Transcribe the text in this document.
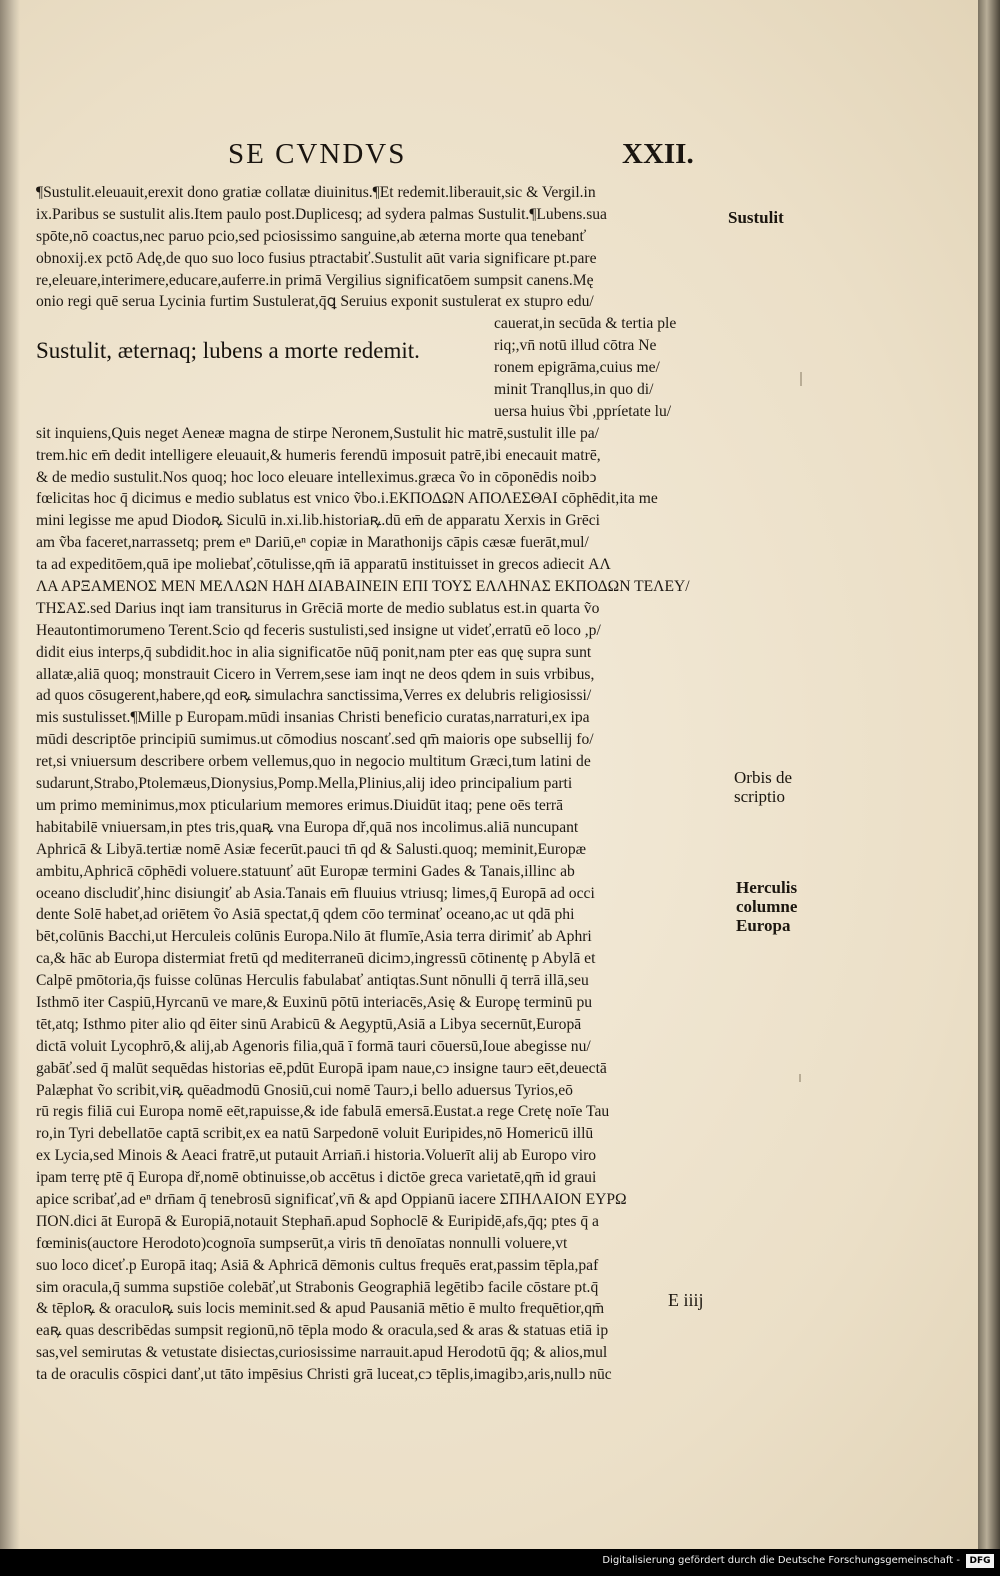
SE CVNDVS	XXII.
¶Sustulit.eleuauit,erexit dono gratiæ collatæ diuinitus.¶Et redemit.liberauit,sic & Vergil.in
ix.Paribus se sustulit alis.Item paulo post.Duplicesq; ad sydera palmas Sustulit.¶Lubens.sua
spōte,nō coactus,nec paruo pcio,sed pciosissimo sanguine,ab æterna morte qua tenebanť
obnoxij.ex pctō Adę,de quo suo loco fusius ptractabiť.Sustulit aūt varia significare pt.pare
re,eleuare,interimere,educare,auferre.in primā Vergilius significatōem sumpsit canens.Mę
onio regi quē serua Lycinia furtim Sustulerat,q̄ꝗ Seruius exponit sustulerat ex stupro edu/
cauerat,in secūda & tertia ple
riq;,vn̄ notū illud cōtra Ne
ronem epigrāma,cuius me/
minit Tranqllus,in quo di/
uersa huius ṽbi ,ppríetate lu/
sit inquiens,Quis neget Aeneæ magna de stirpe Neronem,Sustulit hic matrē,sustulit ille pa/
trem.hic em̄ dedit intelligere eleuauit,& humeris ferendū imposuit patrē,ibi enecauit matrē,
& de medio sustulit.Nos quoq; hoc loco eleuare intelleximus.græca ṽo in cōponēdis noibͻ
fœlicitas hoc q̄ dicimus e medio sublatus est vnico ṽbo.i.ΕΚΠΟΔΩΝ ΑΠΟΛΕΣΘΑΙ cōphēdit,ita me
mini legisse me apud Diodoꝶ Siculū in.xi.lib.historiaꝶ.dū em̄ de apparatu Xerxis in Grēci
am ṽba faceret,narrassetq; prem eⁿ Dariū,eⁿ copiæ in Marathonijs cāpis cæsæ fuerāt,mul/
ta ad expeditōem,quā ipe moliebať,cōtulisse,qm̄ iā apparatū instituisset in grecos adiecit ΑΛ
ΛΑ ΑΡΞΑΜΕΝΟΣ ΜΕΝ ΜΕΛΛΩΝ ΗΔΗ ΔΙΑΒΑΙΝΕΙΝ ΕΠΙ ΤΟΥΣ ΕΛΛΗΝΑΣ ΕΚΠΟΔΩΝ ΤΕΛΕΥ/
ΤΗΣΑΣ.sed Darius inqt iam transiturus in Grēciā morte de medio sublatus est.in quarta ṽo
Heautontimorumeno Terent.Scio qd feceris sustulisti,sed insigne ut videť,erratū eō loco ,p/
didit eius interps,q̄ subdidit.hoc in alia significatōe nūq̄ ponit,nam pter eas quę supra sunt
allatæ,aliā quoq; monstrauit Cicero in Verrem,sese iam inqt ne deos qdem in suis vrbibus,
ad quos cōsugerent,habere,qd eoꝶ simulachra sanctissima,Verres ex delubris religiosissi/
mis sustulisset.¶Mille p Europam.mūdi insanias Christi beneficio curatas,narraturi,ex ipa
mūdi descriptōe principiū sumimus.ut cōmodius noscanť.sed qm̄ maioris ope subsellij fo/
ret,si vniuersum describere orbem vellemus,quo in negocio multitum Græci,tum latini de
sudarunt,Strabo,Ptolemæus,Dionysius,Pomp.Mella,Plinius,alij ideo principalium parti
um primo meminimus,mox pticularium memores erimus.Diuidūt itaq; pene oēs terrā
habitabilē vniuersam,in ptes tris,quaꝶ vna Europa dř,quā nos incolimus.aliā nuncupant
Aphricā & Libyā.tertiæ nomē Asiæ fecerūt.pauci tn̄ qd & Salusti.quoq; meminit,Europæ
ambitu,Aphricā cōphēdi voluere.statuunť aūt Europæ termini Gades & Tanais,illinc ab
oceano discludiť,hinc disiungiť ab Asia.Tanais em̄ fluuius vtriusq; limes,q̄ Europā ad occi
dente Solē habet,ad oriētem ṽo Asiā spectat,q̄ qdem cōo terminať oceano,ac ut qdā phi
bēt,colūnis Bacchi,ut Herculeis colūnis Europa.Nilo āt flumīe,Asia terra dirimiť ab Aphri
ca,& hāc ab Europa distermiat fretū qd mediterraneū dicimͻ,ingressū cōtinentę p Abylā et
Calpē pmōtoria,q̄s fuisse colūnas Herculis fabulabať antiqtas.Sunt nōnulli q̄ terrā illā,seu
Isthmō iter Caspiū,Hyrcanū ve mare,& Euxinū pōtū interiacēs,Asię & Europę terminū pu
tēt,atq; Isthmo piter alio qd ēiter sinū Arabicū & Aegyptū,Asiā a Libya secernūt,Europā
dictā voluit Lycophrō,& alij,ab Agenoris filia,quā ī formā tauri cōuersū,Ioue abegisse nu/
gabāť.sed q̄ malūt sequēdas historias eē,pdūt Europā ipam naue,cͻ insigne taurͻ eēt,deuectā
Palæphat ṽo scribit,viꝶ quēadmodū Gnosiū,cui nomē Taurͻ,i bello aduersus Tyrios,eō
rū regis filiā cui Europa nomē eēt,rapuisse,& ide fabulā emersā.Eustat.a rege Cretę noīe Tau
ro,in Tyri debellatōe captā scribit,ex ea natū Sarpedonē voluit Euripides,nō Homericū illū
ex Lycia,sed Minois & Aeaci fratrē,ut putauit Arrian̄.i historia.Voluerīt alij ab Europo viro
ipam terrę ptē q̄ Europa dř,nomē obtinuisse,ob accētus i dictōe greca varietatē,qm̄ id graui
apice scribať,ad eⁿ drn̄am q̄ tenebrosū significať,vn̄ & apd Oppianū iacere ΣΠΗΛΑΙΟΝ ΕΥΡΩ
ΠΟΝ.dici āt Europā & Europiā,notauit Stephan̄.apud Sophoclē & Euripidē,afs,q̄q; ptes q̄ a
fœminis(auctore Herodoto)cognoīa sumpserūt,a viris tn̄ denoīatas nonnulli voluere,vt
suo loco diceť.p Europā itaq; Asiā & Aphricā dēmonis cultus frequēs erat,passim tēpla,paf
sim oracula,q̄ summa supstiōe colebāť,ut Strabonis Geographiā legētibͻ facile cōstare pt.q̄
& tēploꝶ & oraculoꝶ suis locis meminit.sed & apud Pausaniā mētio ē multo frequētior,qm̄
eaꝶ quas describēdas sumpsit regionū,nō tēpla modo & oracula,sed & aras & statuas etiā ip
sas,vel semirutas & vetustate disiectas,curiosissime narrauit.apud Herodotū q̄q; & alios,mul
ta de oraculis cōspici danť,ut tāto impēsius Christi grā luceat,cͻ tēplis,imagibͻ,aris,nullͻ nūc
Sustulit, æternaq; lubens a morte redemit.
Sustulit
Orbis de
scriptio
Herculis
columne
Europa
E iiij
Digitalisierung gefördert durch die Deutsche Forschungsgemeinschaft -	DFG
